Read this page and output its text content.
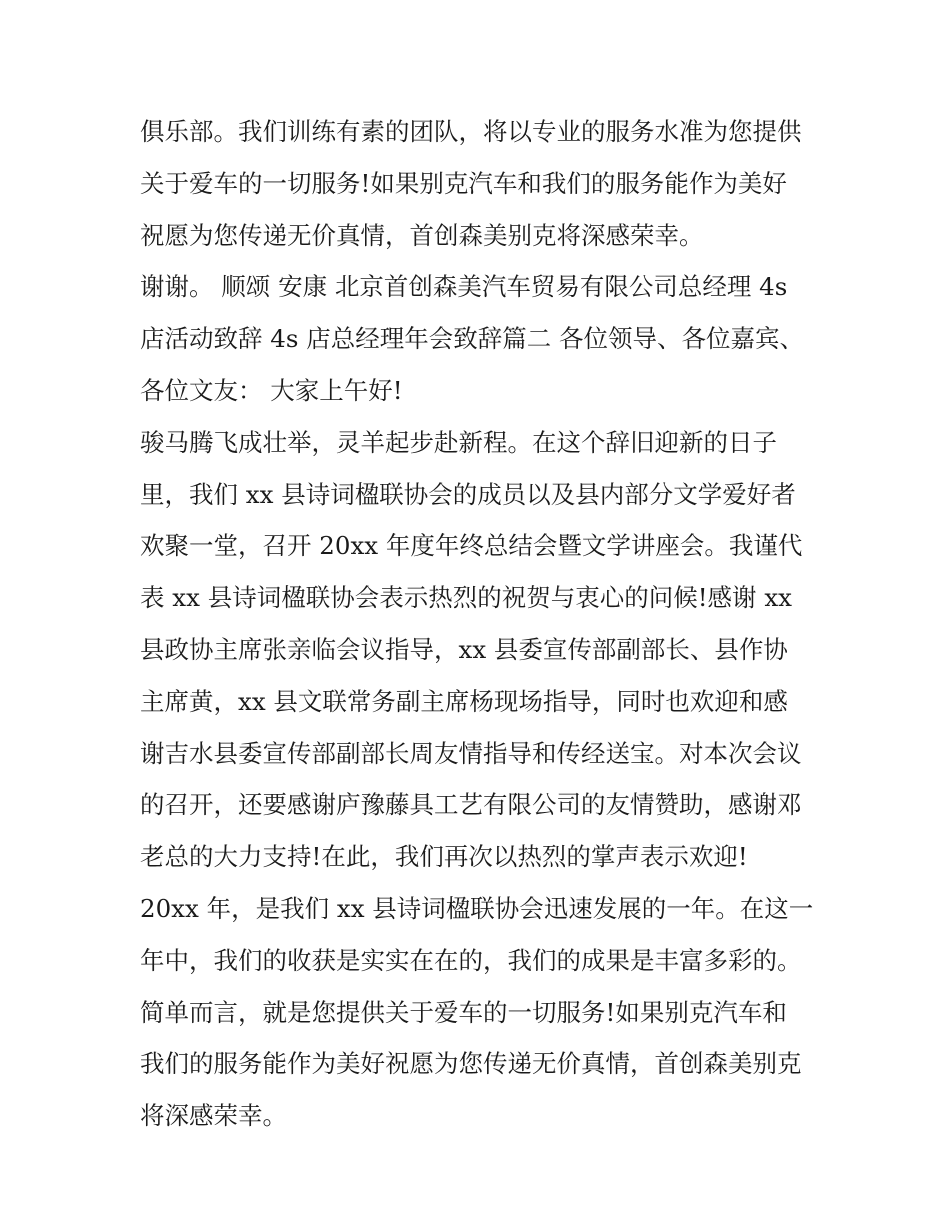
俱乐部。我们训练有素的团队，将以专业的服务水准为您提供
关于爱车的一切服务!如果别克汽车和我们的服务能作为美好
祝愿为您传递无价真情，首创森美别克将深感荣幸。
谢谢。 顺颂 安康 北京首创森美汽车贸易有限公司总经理 4s
店活动致辞 4s 店总经理年会致辞篇二 各位领导、各位嘉宾、
各位文友： 大家上午好!
骏马腾飞成壮举，灵羊起步赴新程。在这个辞旧迎新的日子
里，我们 xx 县诗词楹联协会的成员以及县内部分文学爱好者
欢聚一堂，召开 20xx 年度年终总结会暨文学讲座会。我谨代
表 xx 县诗词楹联协会表示热烈的祝贺与衷心的问候!感谢 xx
县政协主席张亲临会议指导，xx 县委宣传部副部长、县作协
主席黄，xx 县文联常务副主席杨现场指导，同时也欢迎和感
谢吉水县委宣传部副部长周友情指导和传经送宝。对本次会议
的召开，还要感谢庐豫藤具工艺有限公司的友情赞助，感谢邓
老总的大力支持!在此，我们再次以热烈的掌声表示欢迎!
20xx 年，是我们 xx 县诗词楹联协会迅速发展的一年。在这一
年中，我们的收获是实实在在的，我们的成果是丰富多彩的。
简单而言，就是您提供关于爱车的一切服务!如果别克汽车和
我们的服务能作为美好祝愿为您传递无价真情，首创森美别克
将深感荣幸。
